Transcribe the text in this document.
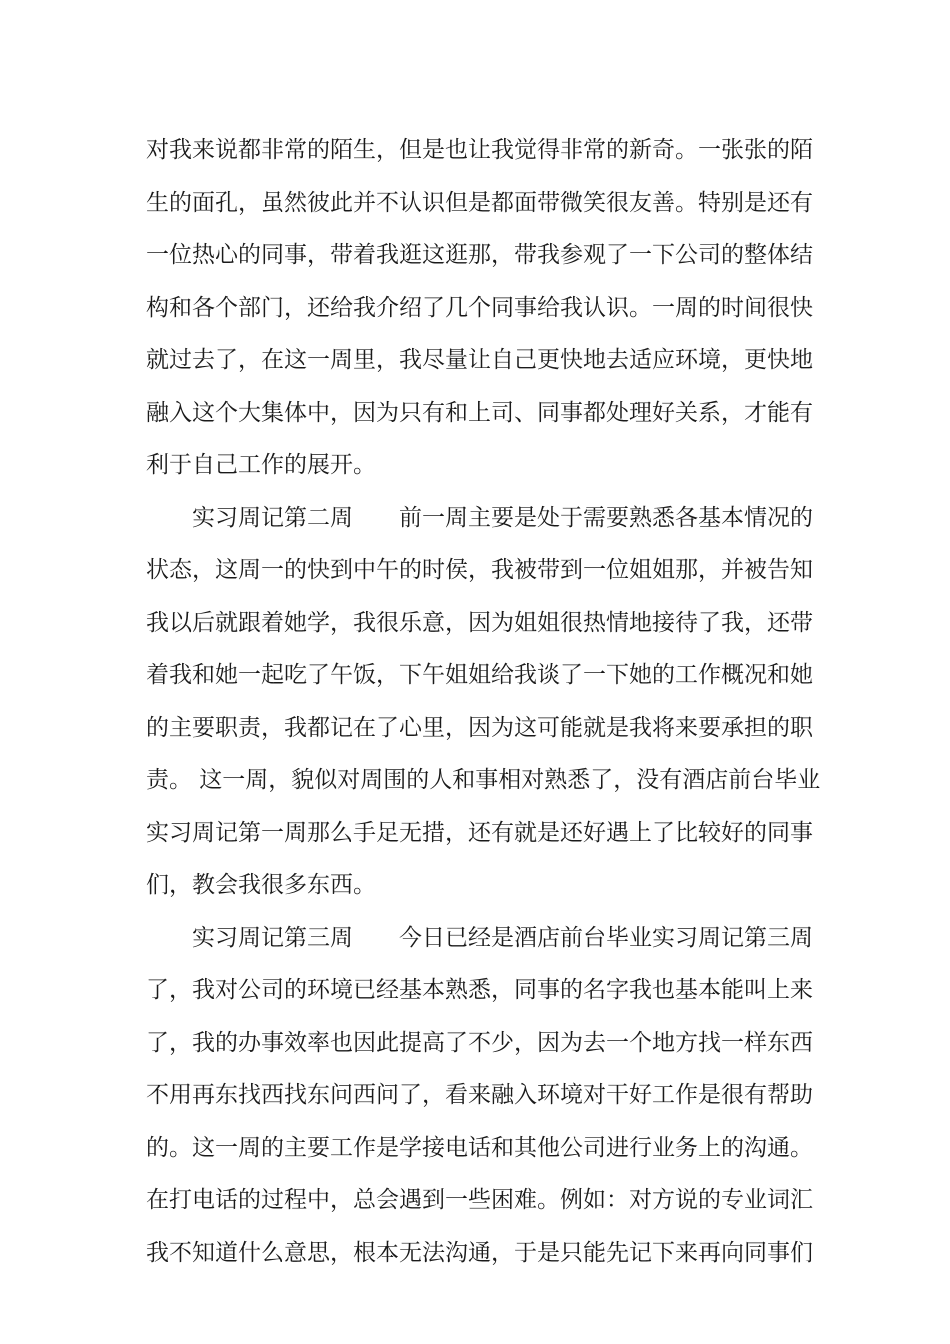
对我来说都非常的陌生，但是也让我觉得非常的新奇。一张张的陌
生的面孔，虽然彼此并不认识但是都面带微笑很友善。特别是还有
一位热心的同事，带着我逛这逛那，带我参观了一下公司的整体结
构和各个部门，还给我介绍了几个同事给我认识。一周的时间很快
就过去了，在这一周里，我尽量让自己更快地去适应环境，更快地
融入这个大集体中，因为只有和上司、同事都处理好关系，才能有
利于自己工作的展开。
实习周记第二周 前一周主要是处于需要熟悉各基本情况的
状态，这周一的快到中午的时侯，我被带到一位姐姐那，并被告知
我以后就跟着她学，我很乐意，因为姐姐很热情地接待了我，还带
着我和她一起吃了午饭，下午姐姐给我谈了一下她的工作概况和她
的主要职责，我都记在了心里，因为这可能就是我将来要承担的职
责。 这一周，貌似对周围的人和事相对熟悉了，没有酒店前台毕业
实习周记第一周那么手足无措，还有就是还好遇上了比较好的同事
们，教会我很多东西。
实习周记第三周 今日已经是酒店前台毕业实习周记第三周
了，我对公司的环境已经基本熟悉，同事的名字我也基本能叫上来
了，我的办事效率也因此提高了不少，因为去一个地方找一样东西
不用再东找西找东问西问了，看来融入环境对干好工作是很有帮助
的。这一周的主要工作是学接电话和其他公司进行业务上的沟通。
在打电话的过程中，总会遇到一些困难。例如：对方说的专业词汇
我不知道什么意思，根本无法沟通，于是只能先记下来再向同事们
